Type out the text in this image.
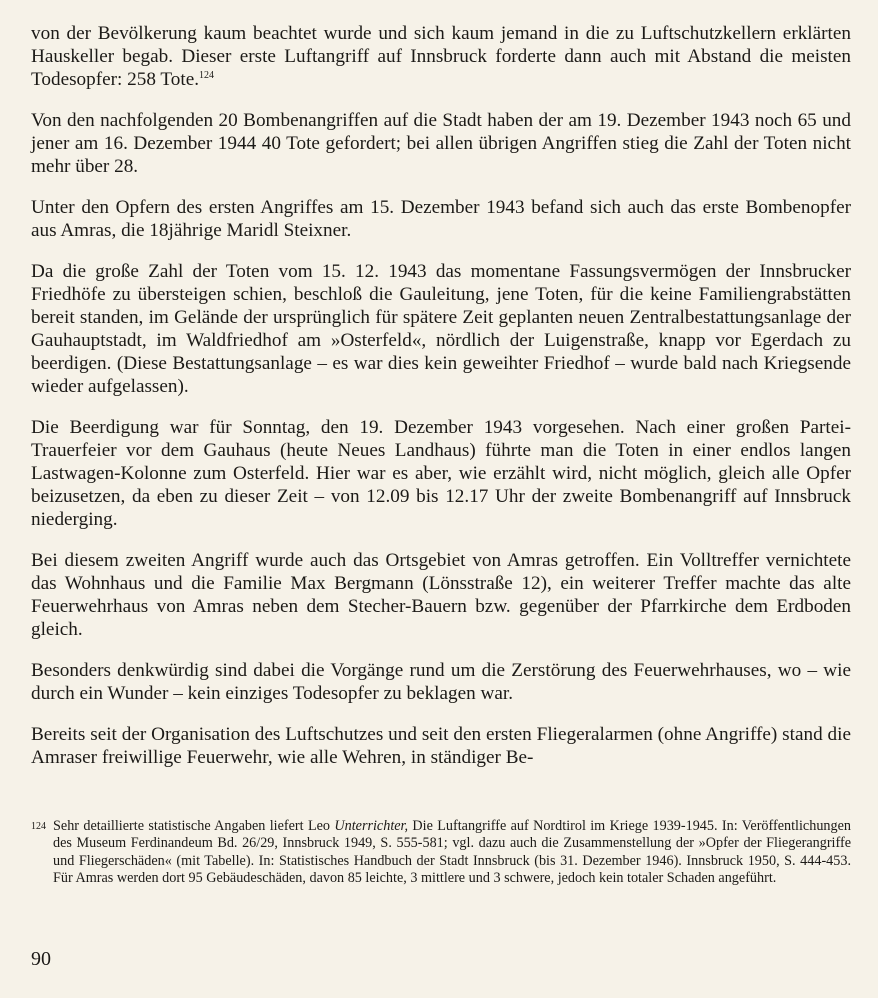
von der Bevölkerung kaum beachtet wurde und sich kaum jemand in die zu Luftschutzkellern erklärten Hauskeller begab. Dieser erste Luftangriff auf Innsbruck forderte dann auch mit Abstand die meisten Todesopfer: 258 Tote.$^{124}$

Von den nachfolgenden 20 Bombenangriffen auf die Stadt haben der am 19. Dezember 1943 noch 65 und jener am 16. Dezember 1944 40 Tote gefordert; bei allen übrigen Angriffen stieg die Zahl der Toten nicht mehr über 28.

Unter den Opfern des ersten Angriffes am 15. Dezember 1943 befand sich auch das erste Bombenopfer aus Amras, die 18jährige Maridl Steixner.

Da die große Zahl der Toten vom 15. 12. 1943 das momentane Fassungsvermögen der Innsbrucker Friedhöfe zu übersteigen schien, beschloß die Gauleitung, jene Toten, für die keine Familiengrabstätten bereit standen, im Gelände der ursprünglich für spätere Zeit geplanten neuen Zentralbestattungsanlage der Gauhauptstadt, im Waldfriedhof am »Osterfeld«, nördlich der Luigenstraße, knapp vor Egerdach zu beerdigen. (Diese Bestattungsanlage – es war dies kein geweihter Friedhof – wurde bald nach Kriegsende wieder aufgelassen).

Die Beerdigung war für Sonntag, den 19. Dezember 1943 vorgesehen. Nach einer großen Partei-Trauerfeier vor dem Gauhaus (heute Neues Landhaus) führte man die Toten in einer endlos langen Lastwagen-Kolonne zum Osterfeld. Hier war es aber, wie erzählt wird, nicht möglich, gleich alle Opfer beizusetzen, da eben zu dieser Zeit – von 12.09 bis 12.17 Uhr der zweite Bombenangriff auf Innsbruck niederging.

Bei diesem zweiten Angriff wurde auch das Ortsgebiet von Amras getroffen. Ein Volltreffer vernichtete das Wohnhaus und die Familie Max Bergmann (Lönsstraße 12), ein weiterer Treffer machte das alte Feuerwehrhaus von Amras neben dem Stecher-Bauern bzw. gegenüber der Pfarrkirche dem Erdboden gleich.

Besonders denkwürdig sind dabei die Vorgänge rund um die Zerstörung des Feuerwehrhauses, wo – wie durch ein Wunder – kein einziges Todesopfer zu beklagen war.

Bereits seit der Organisation des Luftschutzes und seit den ersten Fliegeralarmen (ohne Angriffe) stand die Amraser freiwillige Feuerwehr, wie alle Wehren, in ständiger Be-

124 Sehr detaillierte statistische Angaben liefert Leo Unterrichter, Die Luftangriffe auf Nordtirol im Kriege 1939-1945. In: Veröffentlichungen des Museum Ferdinandeum Bd. 26/29, Innsbruck 1949, S. 555-581; vgl. dazu auch die Zusammenstellung der »Opfer der Fliegerangriffe und Fliegerschäden« (mit Tabelle). In: Statistisches Handbuch der Stadt Innsbruck (bis 31. Dezember 1946). Innsbruck 1950, S. 444-453. Für Amras werden dort 95 Gebäudeschäden, davon 85 leichte, 3 mittlere und 3 schwere, jedoch kein totaler Schaden angeführt.
90
